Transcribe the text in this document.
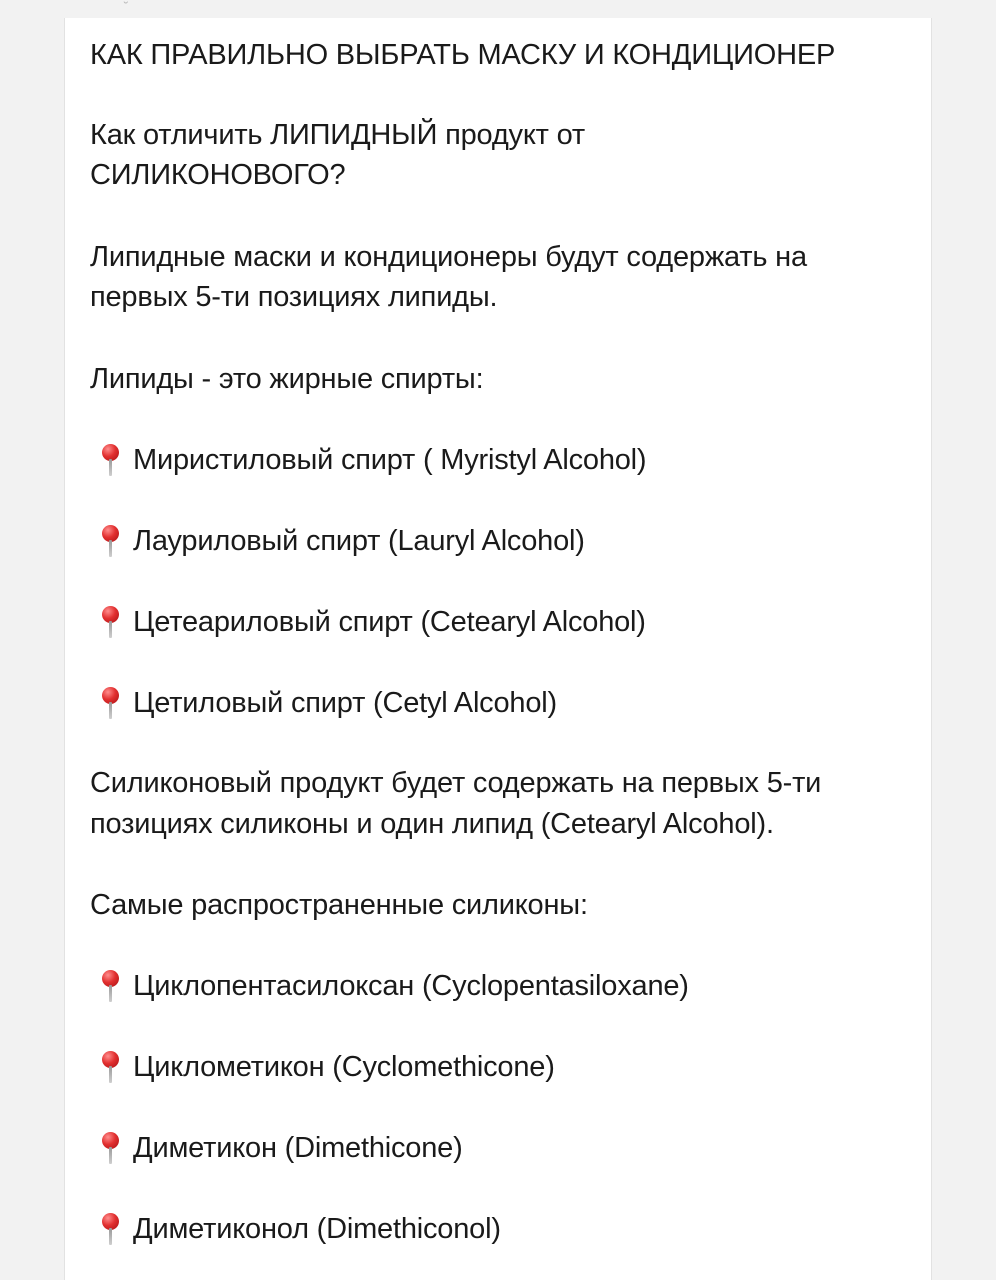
˘
КАК ПРАВИЛЬНО ВЫБРАТЬ МАСКУ И КОНДИЦИОНЕР
Как отличить ЛИПИДНЫЙ продукт от
СИЛИКОНОВОГО?
Липидные маски и кондиционеры будут содержать на
первых 5-ти позициях липиды.
Липиды - это жирные спирты:
Миристиловый спирт ( Myristyl Alcohol)
Лауриловый спирт (Lauryl Alcohol)
Цетеариловый спирт (Cetearyl Alcohol)
Цетиловый спирт (Cetyl Alcohol)
Силиконовый продукт будет содержать на первых 5-ти
позициях силиконы и один липид (Cetearyl Alcohol).
Самые распространенные силиконы:
Циклопентасилоксан (Cyclopentasiloxane)
Циклометикон (Cyclomethicone)
Диметикон (Dimethicone)
Диметиконол (Dimethiconol)
